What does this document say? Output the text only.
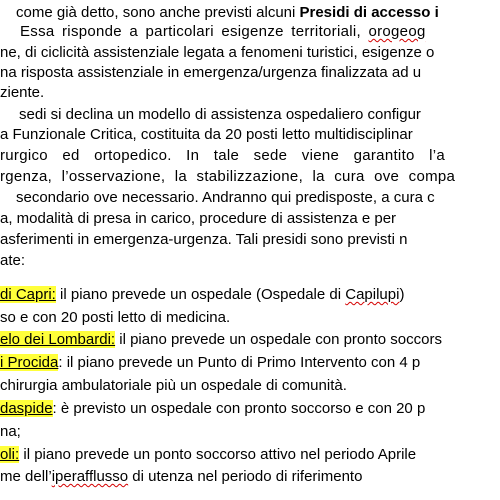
come già detto, sono anche previsti alcuni Presidi di accesso i
Essa risponde a particolari esigenze territoriali, orogeog
ne, di ciclicità assistenziale legata a fenomeni turistici, esigenze o
na risposta assistenziale in emergenza/urgenza finalizzata ad u
ziente.
sedi si declina un modello di assistenza ospedaliero configur
a Funzionale Critica, costituita da 20 posti letto multidisciplinar
rurgico ed ortopedico. In tale sede viene garantito l’a
rgenza, l’osservazione, la stabilizzazione, la cura ove compa
secondario ove necessario. Andranno qui predisposte, a cura c
a, modalità di presa in carico, procedure di assistenza e per
asferimenti in emergenza-urgenza. Tali presidi sono previsti n
ate:
di Capri: il piano prevede un ospedale (Ospedale di Capilupi)
so e con 20 posti letto di medicina.
elo dei Lombardi: il piano prevede un ospedale con pronto soccors
i Procida: il piano prevede un Punto di Primo Intervento con 4 p
chirurgia ambulatoriale più un ospedale di comunità.
daspide: è previsto un ospedale con pronto soccorso e con 20 p
na;
oli: il piano prevede un ponto soccorso attivo nel periodo Aprile
me dell’iperafflusso di utenza nel periodo di riferimento
